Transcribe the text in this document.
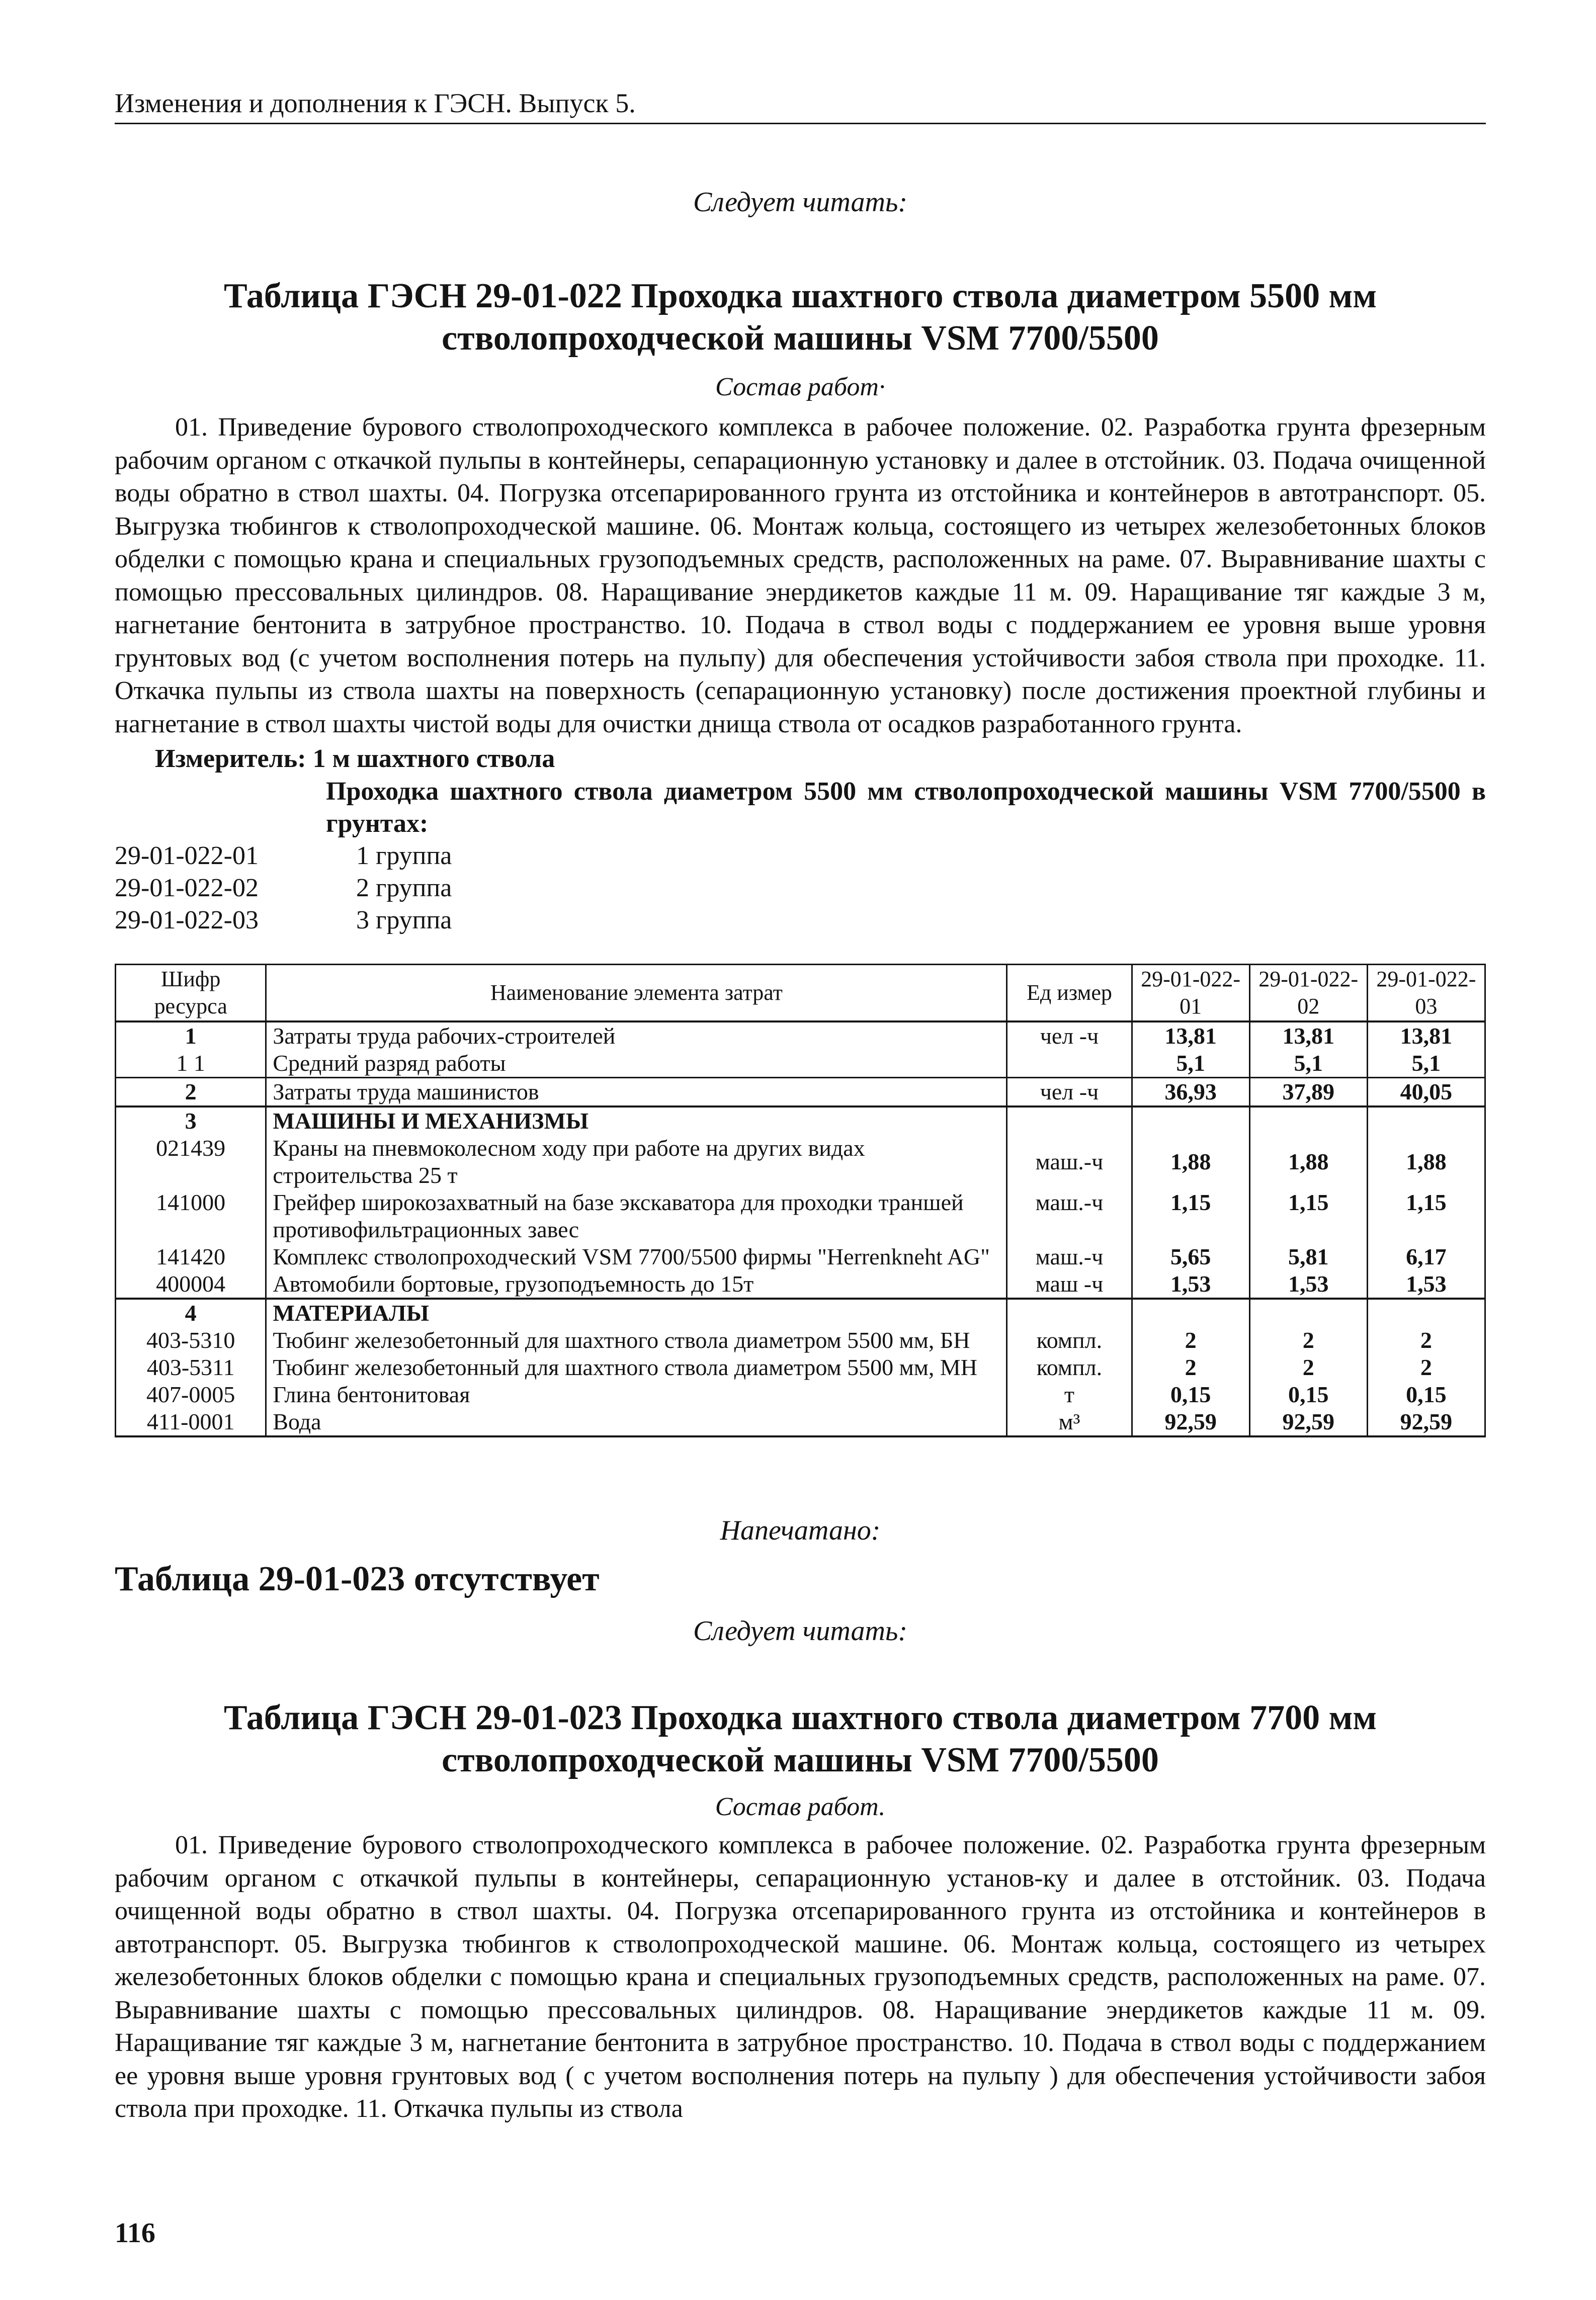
Изменения и дополнения к ГЭСН. Выпуск 5.
Следует читать:
Таблица ГЭСН 29-01-022 Проходка шахтного ствола диаметром 5500 мм стволопроходческой машины VSM 7700/5500
Состав работ·
01. Приведение бурового стволопроходческого комплекса в рабочее положение. 02. Разработка грунта фрезерным рабочим органом с откачкой пульпы в контейнеры, сепарационную установку и далее в отстойник. 03. Подача очищенной воды обратно в ствол шахты. 04. Погрузка отсепарированного грунта из отстойника и контейнеров в автотранспорт. 05. Выгрузка тюбингов к стволопроходческой машине. 06. Монтаж кольца, состоящего из четырех железобетонных блоков обделки с помощью крана и специальных грузоподъемных средств, расположенных на раме. 07. Выравнивание шахты с помощью прессовальных цилиндров. 08. Наращивание энердикетов каждые 11 м. 09. Наращивание тяг каждые 3 м, нагнетание бентонита в затрубное пространство. 10. Подача в ствол воды с поддержанием ее уровня выше уровня грунтовых вод (с учетом восполнения потерь на пульпу) для обеспечения устойчивости забоя ствола при проходке. 11. Откачка пульпы из ствола шахты на поверхность (сепарационную установку) после достижения проектной глубины и нагнетание в ствол шахты чистой воды для очистки днища ствола от осадков разработанного грунта.
Измеритель: 1 м шахтного ствола
Проходка шахтного ствола диаметром 5500 мм стволопроходческой машины VSM 7700/5500 в грунтах:
29-01-022-01	1 группа
29-01-022-02	2 группа
29-01-022-03	3 группа
Шифр ресурса	Наименование элемента затрат	Ед измер	29-01-022-01	29-01-022-02	29-01-022-03
1	Затраты труда рабочих-строителей	чел -ч	13,81	13,81	13,81
1 1	Средний разряд работы		5,1	5,1	5,1
2	Затраты труда машинистов	чел -ч	36,93	37,89	40,05
3	МАШИНЫ И МЕХАНИЗМЫ				
021439	Краны на пневмоколесном ходу при работе на других видах строительства 25 т	маш.-ч	1,88	1,88	1,88
141000	Грейфер широкозахватный на базе экскаватора для проходки траншей противофильтрационных завес	маш.-ч	1,15	1,15	1,15
141420	Комплекс стволопроходческий VSM 7700/5500 фирмы "Herrenkneht AG"	маш.-ч	5,65	5,81	6,17
400004	Автомобили бортовые, грузоподъемность до 15т	маш -ч	1,53	1,53	1,53
4	МАТЕРИАЛЫ				
403-5310	Тюбинг железобетонный для шахтного ствола диаметром 5500 мм, БН	компл.	2	2	2
403-5311	Тюбинг железобетонный для шахтного ствола диаметром 5500 мм, МН	компл.	2	2	2
407-0005	Глина бентонитовая	т	0,15	0,15	0,15
411-0001	Вода	м³	92,59	92,59	92,59
Напечатано:
Таблица 29-01-023 отсутствует
Следует читать:
Таблица ГЭСН 29-01-023 Проходка шахтного ствола диаметром 7700 мм стволопроходческой машины VSM 7700/5500
Состав работ.
01. Приведение бурового стволопроходческого комплекса в рабочее положение. 02. Разработка грунта фрезерным рабочим органом с откачкой пульпы в контейнеры, сепарационную установ-ку и далее в отстойник. 03. Подача очищенной воды обратно в ствол шахты. 04. Погрузка отсепарированного грунта из отстойника и контейнеров в автотранспорт. 05. Выгрузка тюбингов к стволопроходческой машине. 06. Монтаж кольца, состоящего из четырех железобетонных блоков обделки с помощью крана и специальных грузоподъемных средств, расположенных на раме. 07. Выравнивание шахты с помощью прессовальных цилиндров. 08. Наращивание энердикетов каждые 11 м. 09. Наращивание тяг каждые 3 м, нагнетание бентонита в затрубное пространство. 10. Подача в ствол воды с поддержанием ее уровня выше уровня грунтовых вод ( с учетом восполнения потерь на пульпу ) для обеспечения устойчивости забоя ствола при проходке. 11. Откачка пульпы из ствола
116
